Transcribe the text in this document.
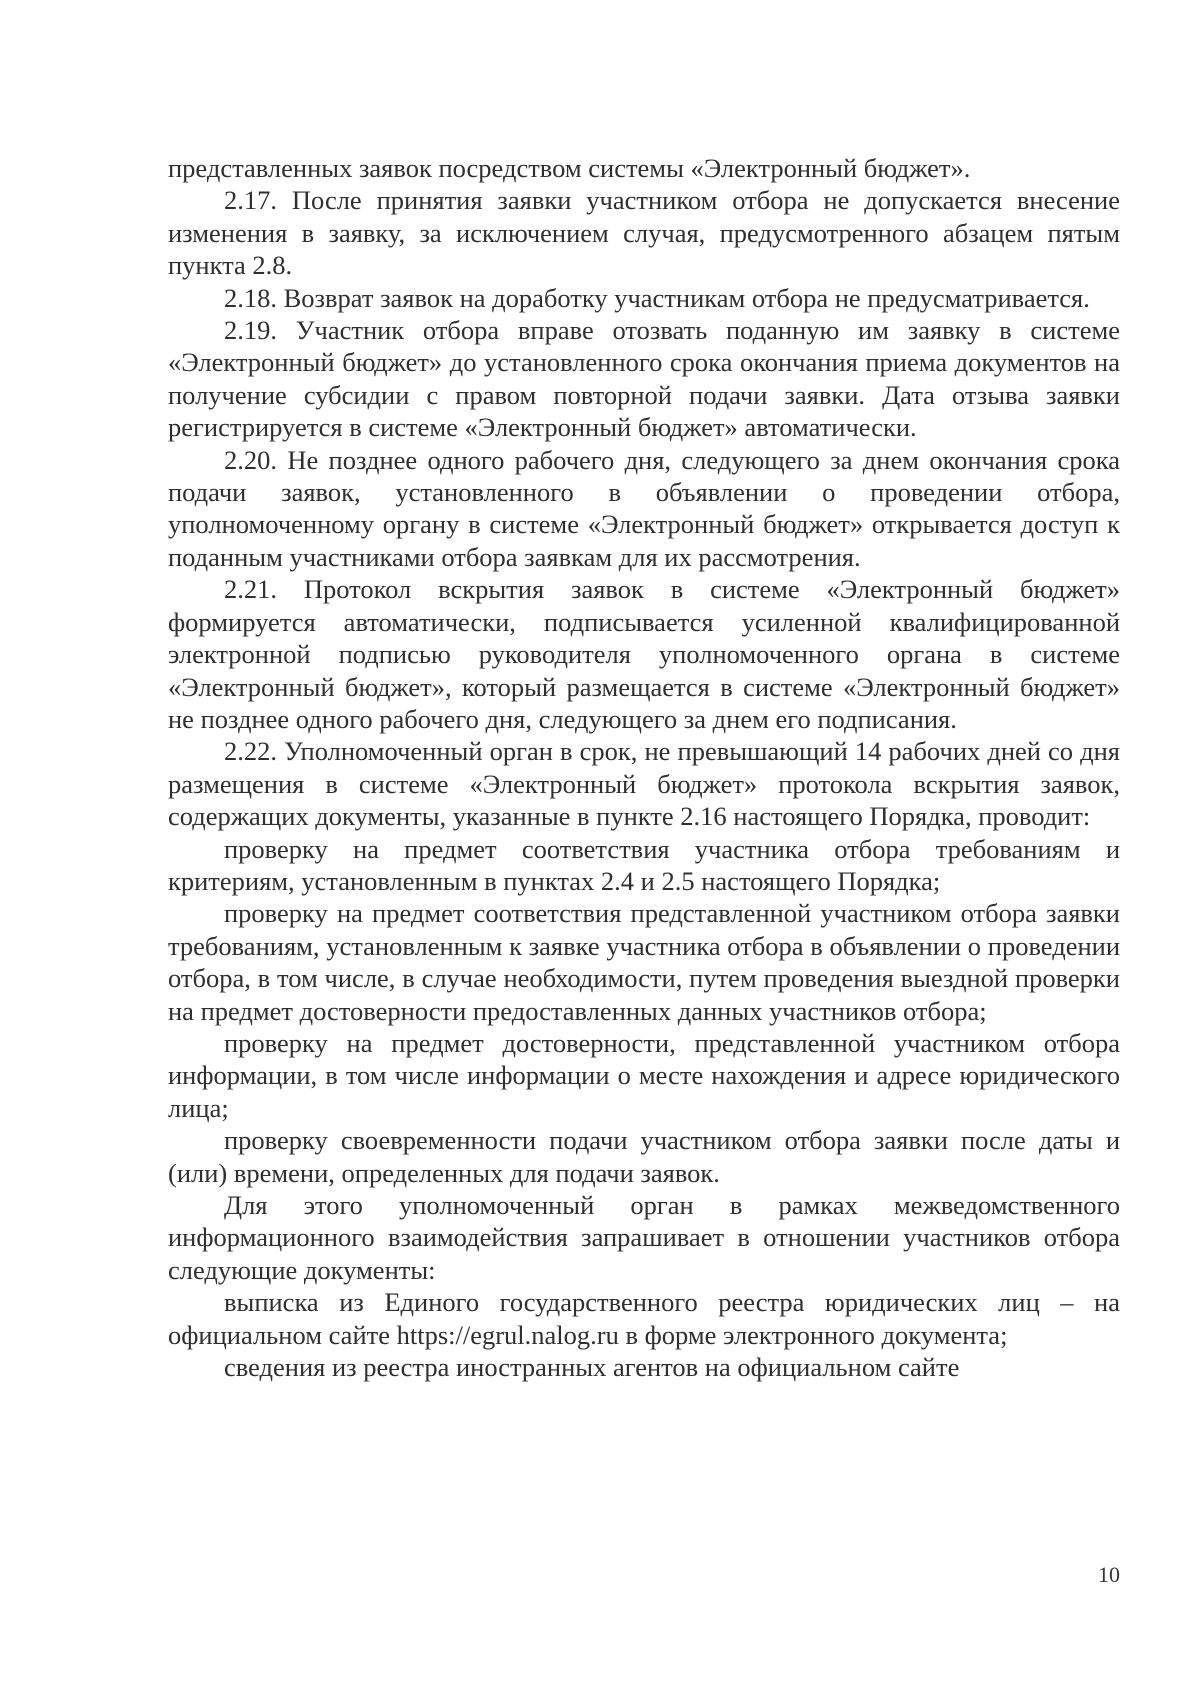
представленных заявок посредством системы «Электронный бюджет».

2.17. После принятия заявки участником отбора не допускается внесение изменения в заявку, за исключением случая, предусмотренного абзацем пятым пункта 2.8.

2.18. Возврат заявок на доработку участникам отбора не предусматривается.

2.19. Участник отбора вправе отозвать поданную им заявку в системе «Электронный бюджет» до установленного срока окончания приема документов на получение субсидии с правом повторной подачи заявки. Дата отзыва заявки регистрируется в системе «Электронный бюджет» автоматически.

2.20. Не позднее одного рабочего дня, следующего за днем окончания срока подачи заявок, установленного в объявлении о проведении отбора, уполномоченному органу в системе «Электронный бюджет» открывается доступ к поданным участниками отбора заявкам для их рассмотрения.

2.21. Протокол вскрытия заявок в системе «Электронный бюджет» формируется автоматически, подписывается усиленной квалифицированной электронной подписью руководителя уполномоченного органа в системе «Электронный бюджет», который размещается в системе «Электронный бюджет» не позднее одного рабочего дня, следующего за днем его подписания.

2.22. Уполномоченный орган в срок, не превышающий 14 рабочих дней со дня размещения в системе «Электронный бюджет» протокола вскрытия заявок, содержащих документы, указанные в пункте 2.16 настоящего Порядка, проводит:

проверку на предмет соответствия участника отбора требованиям и критериям, установленным в пунктах 2.4 и 2.5 настоящего Порядка;

проверку на предмет соответствия представленной участником отбора заявки требованиям, установленным к заявке участника отбора в объявлении о проведении отбора, в том числе, в случае необходимости, путем проведения выездной проверки на предмет достоверности предоставленных данных участников отбора;

проверку на предмет достоверности, представленной участником отбора информации, в том числе информации о месте нахождения и адресе юридического лица;

проверку своевременности подачи участником отбора заявки после даты и (или) времени, определенных для подачи заявок.

Для этого уполномоченный орган в рамках межведомственного информационного взаимодействия запрашивает в отношении участников отбора следующие документы:

выписка из Единого государственного реестра юридических лиц – на официальном сайте https://egrul.nalog.ru в форме электронного документа;

сведения из реестра иностранных агентов на официальном сайте

10
